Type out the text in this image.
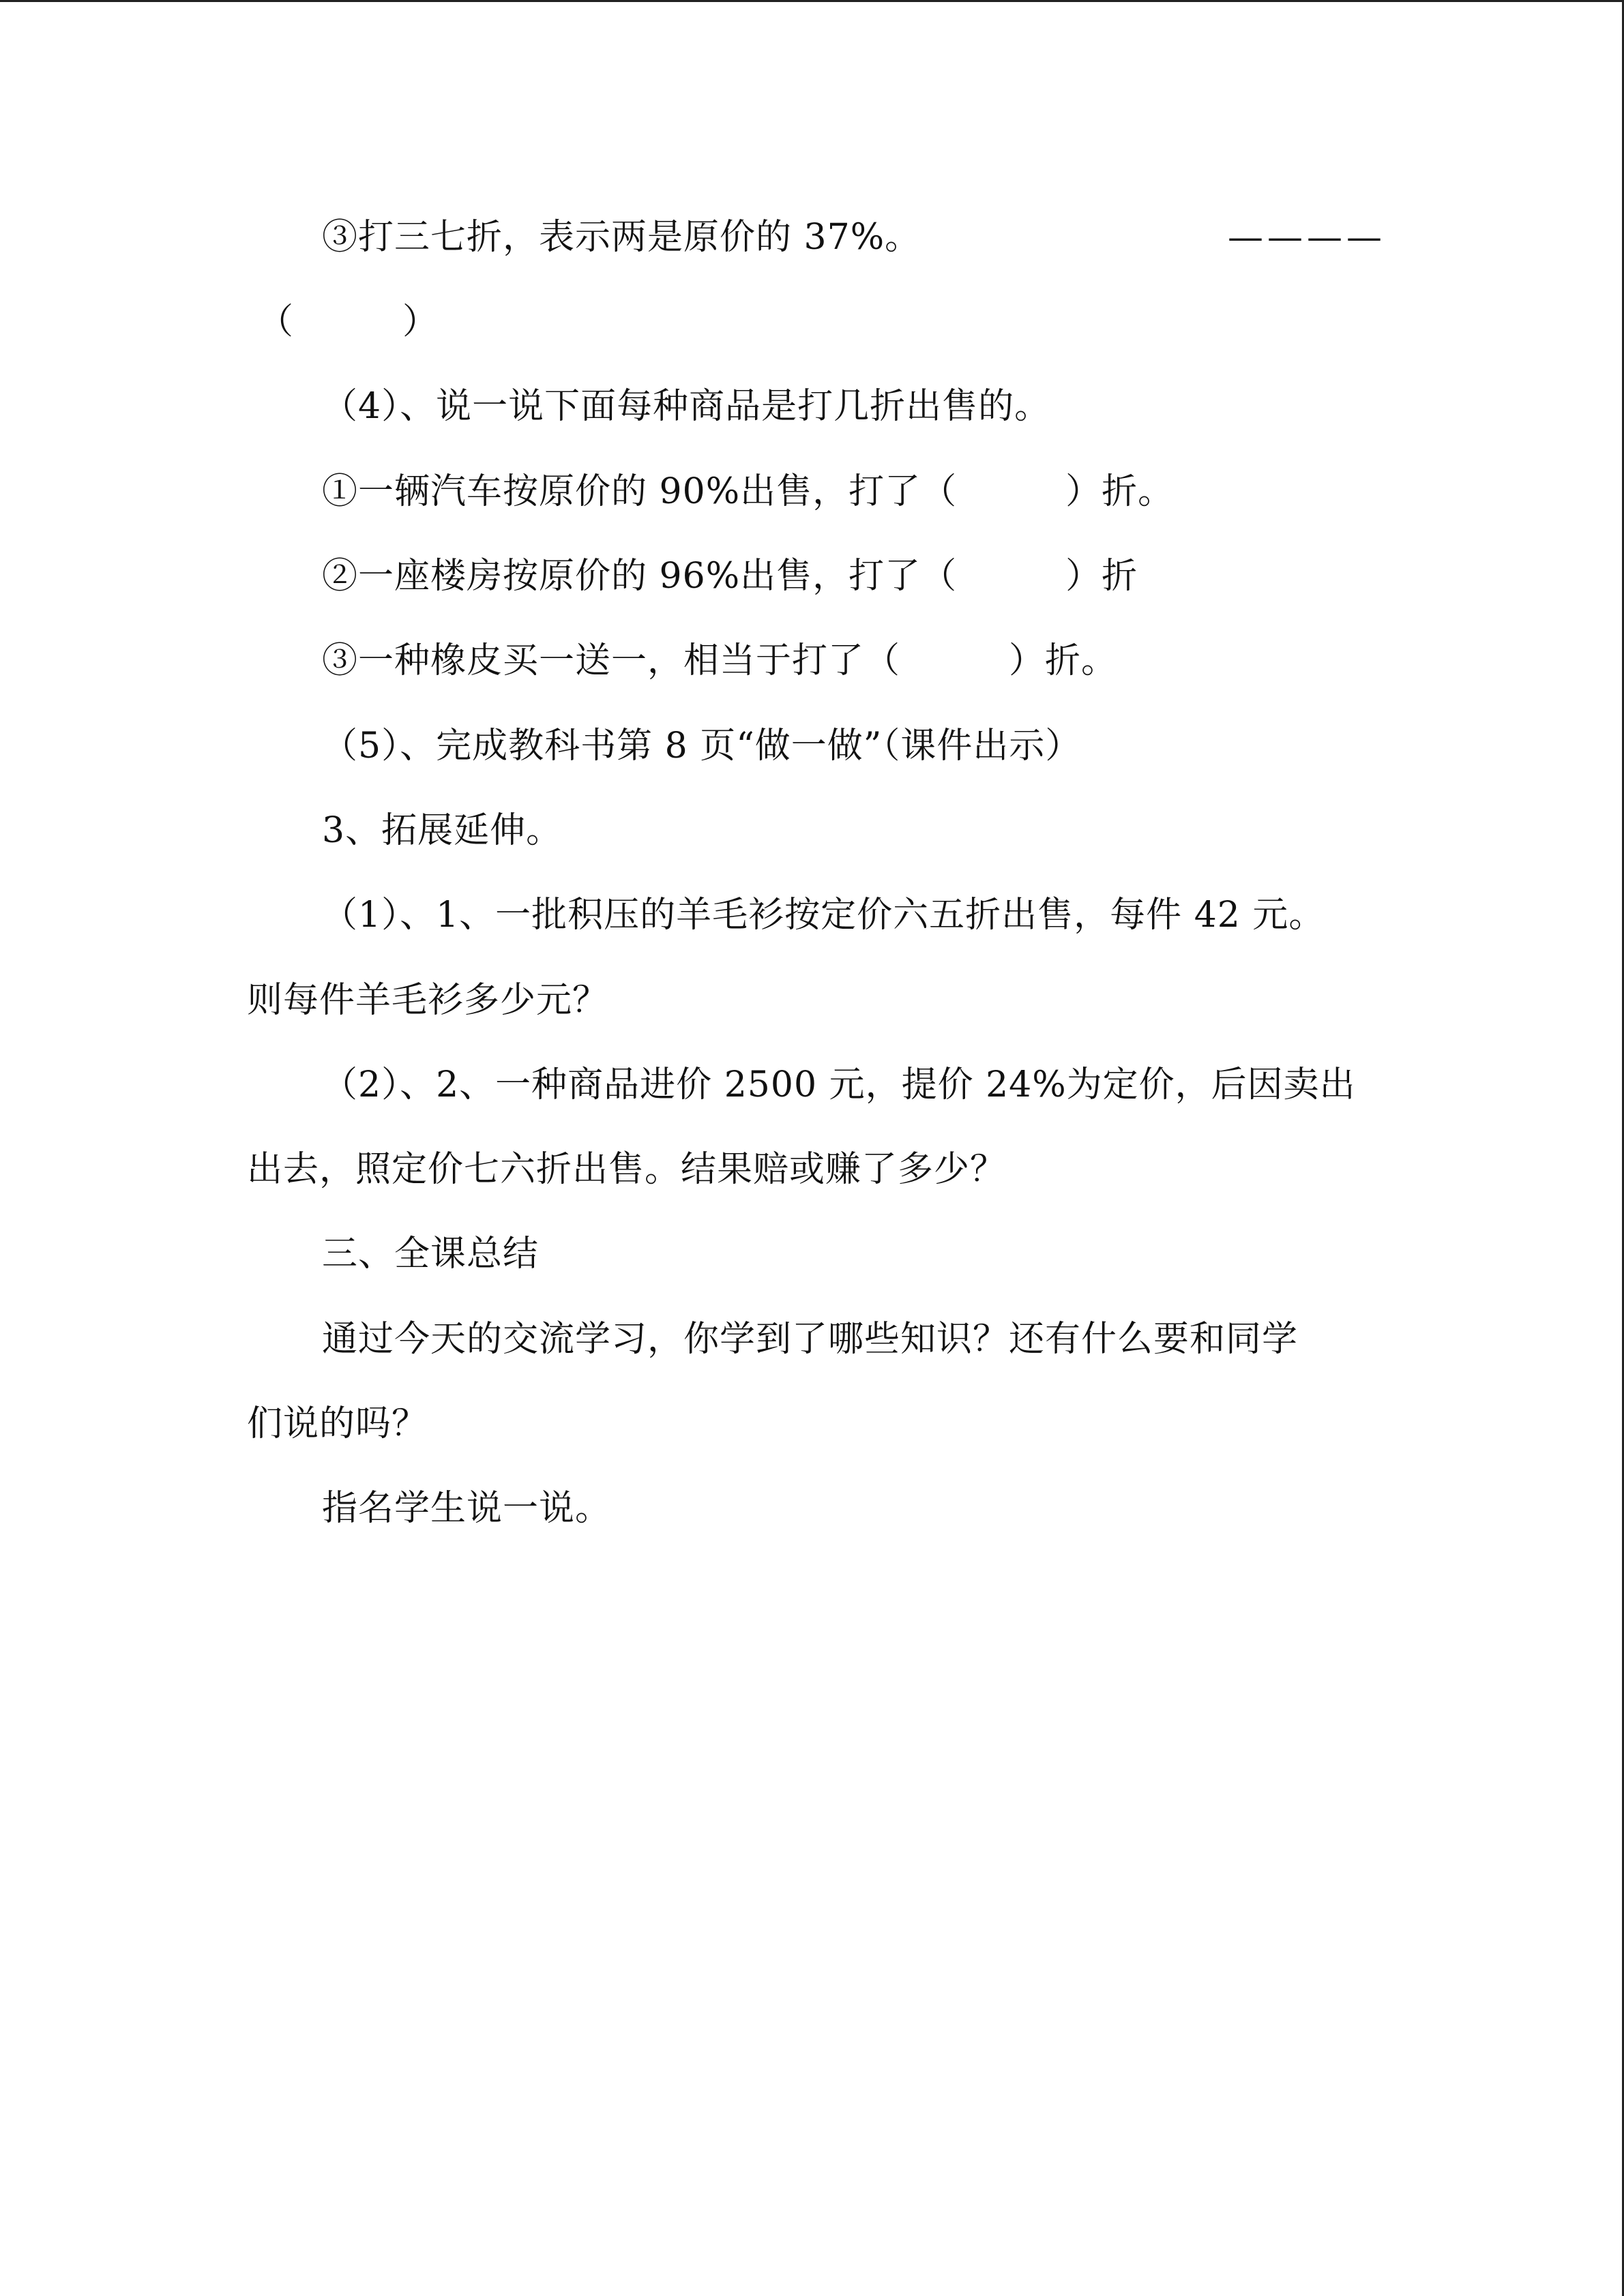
③打三七折，表示两是原价的 37%。	————
（　　　）
（4）、说一说下面每种商品是打几折出售的。
①一辆汽车按原价的 90%出售，打了（　　　）折。
②一座楼房按原价的 96%出售，打了（　　　）折
③一种橡皮买一送一，相当于打了（　　　）折。
（5）、完成教科书第 8 页“做一做”（课件出示）
3、拓展延伸。
（1）、1、一批积压的羊毛衫按定价六五折出售，每件 42 元。
则每件羊毛衫多少元？
（2）、2、一种商品进价 2500 元，提价 24%为定价，后因卖出
出去，照定价七六折出售。结果赔或赚了多少？
三、全课总结
通过今天的交流学习，你学到了哪些知识？还有什么要和同学
们说的吗？
指名学生说一说。
